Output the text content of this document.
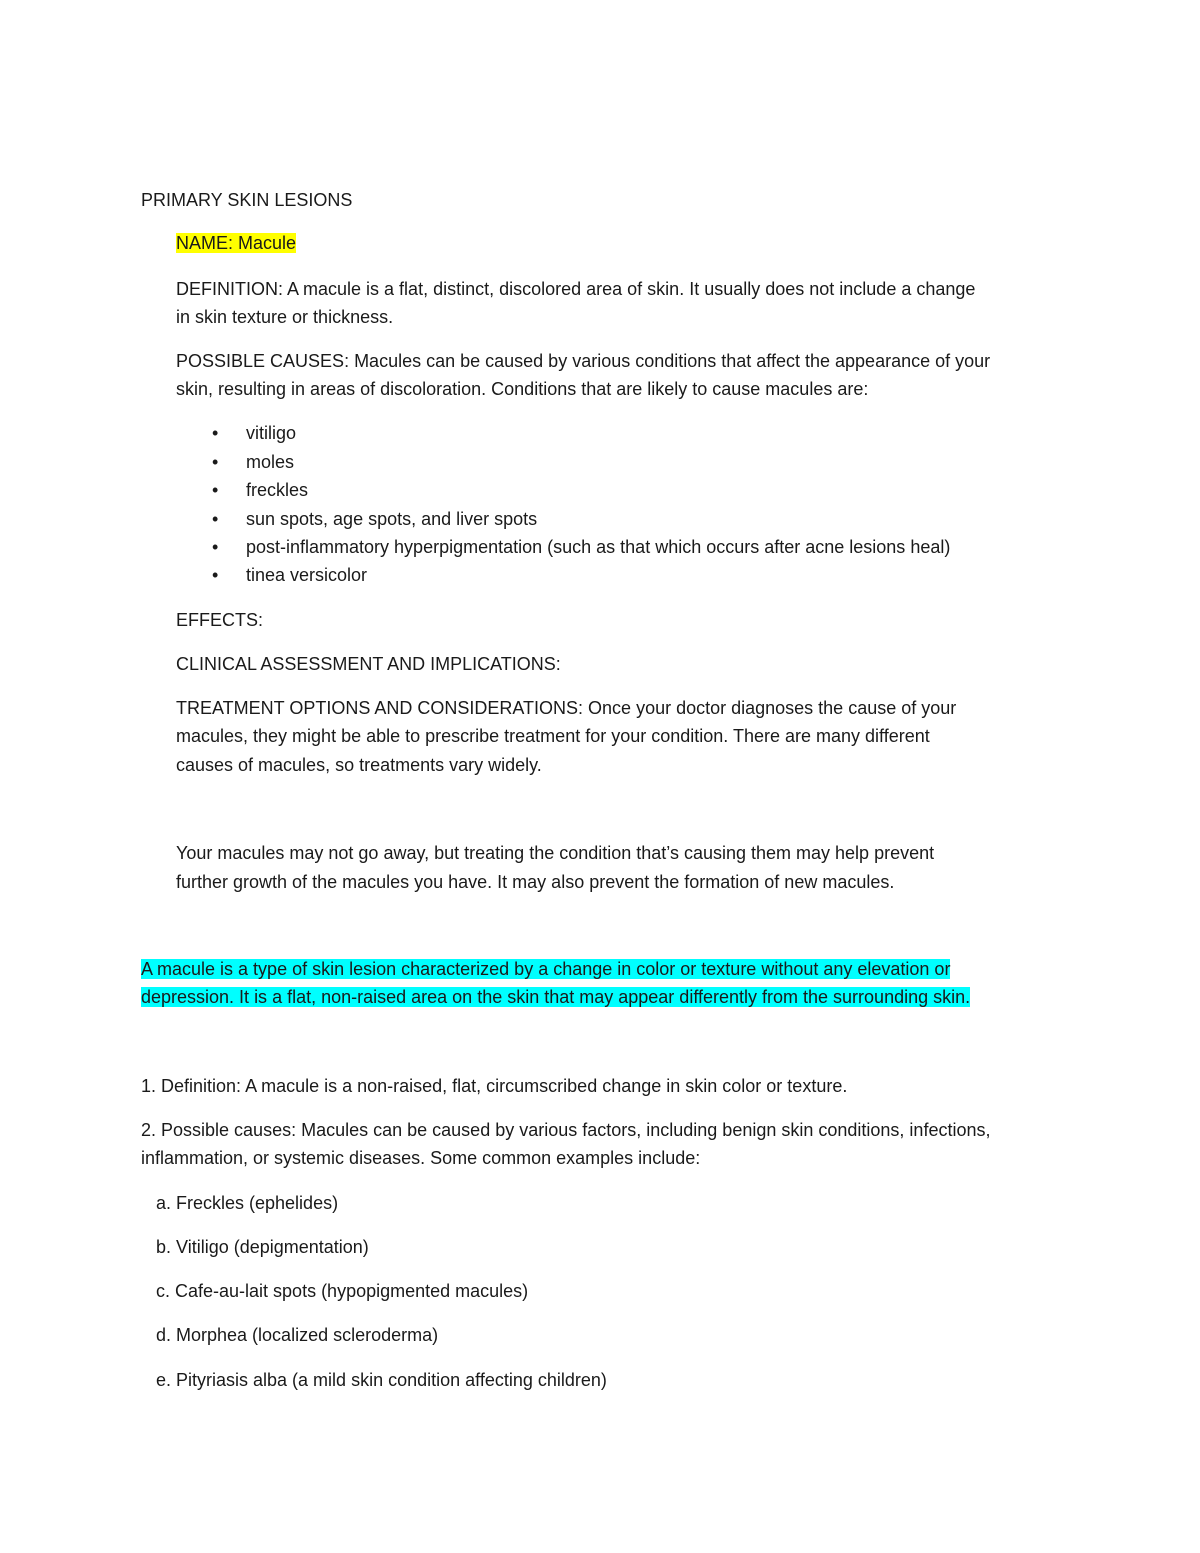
PRIMARY SKIN LESIONS
NAME: Macule
DEFINITION: A macule is a flat, distinct, discolored area of skin. It usually does not include a change
in skin texture or thickness.
POSSIBLE CAUSES: Macules can be caused by various conditions that affect the appearance of your
skin, resulting in areas of discoloration. Conditions that are likely to cause macules are:
• vitiligo
• moles
• freckles
• sun spots, age spots, and liver spots
• post-inflammatory hyperpigmentation (such as that which occurs after acne lesions heal)
• tinea versicolor
EFFECTS:
CLINICAL ASSESSMENT AND IMPLICATIONS:
TREATMENT OPTIONS AND CONSIDERATIONS: Once your doctor diagnoses the cause of your
macules, they might be able to prescribe treatment for your condition. There are many different
causes of macules, so treatments vary widely.
Your macules may not go away, but treating the condition that’s causing them may help prevent
further growth of the macules you have. It may also prevent the formation of new macules.
A macule is a type of skin lesion characterized by a change in color or texture without any elevation or
depression. It is a flat, non-raised area on the skin that may appear differently from the surrounding skin.
1. Definition: A macule is a non-raised, flat, circumscribed change in skin color or texture.
2. Possible causes: Macules can be caused by various factors, including benign skin conditions, infections,
inflammation, or systemic diseases. Some common examples include:
a. Freckles (ephelides)
b. Vitiligo (depigmentation)
c. Cafe-au-lait spots (hypopigmented macules)
d. Morphea (localized scleroderma)
e. Pityriasis alba (a mild skin condition affecting children)
